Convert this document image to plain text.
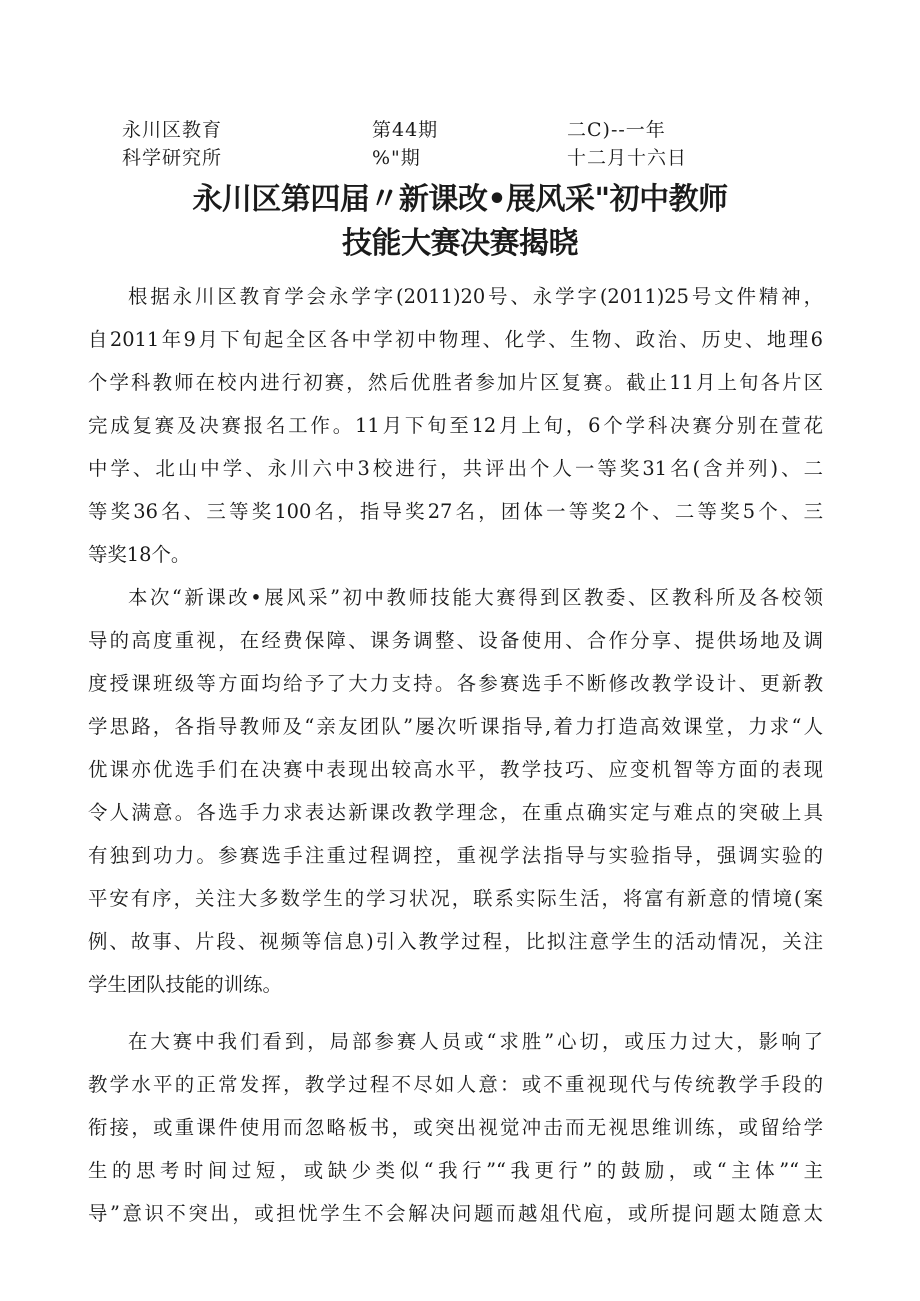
永川区教育
科学研究所
第44期
%"期
二C)--一年
十二月十六日
永川区第四届〃新课改•展风采"初中教师
技能大赛决赛揭晓
根据永川区教育学会永学字(2011)20号、永学字(2011)25号文件精神，
自2011年9月下旬起全区各中学初中物理、化学、生物、政治、历史、地理6
个学科教师在校内进行初赛，然后优胜者参加片区复赛。截止11月上旬各片区
完成复赛及决赛报名工作。11月下旬至12月上旬，6个学科决赛分别在萱花
中学、北山中学、永川六中3校进行，共评出个人一等奖31名(含并列)、二
等奖36名、三等奖100名，指导奖27名，团体一等奖2个、二等奖5个、三
等奖18个。
本次“新课改•展风采”初中教师技能大赛得到区教委、区教科所及各校领
导的高度重视，在经费保障、课务调整、设备使用、合作分享、提供场地及调
度授课班级等方面均给予了大力支持。各参赛选手不断修改教学设计、更新教
学思路，各指导教师及“亲友团队”屡次听课指导,着力打造高效课堂，力求“人
优课亦优选手们在决赛中表现出较高水平，教学技巧、应变机智等方面的表现
令人满意。各选手力求表达新课改教学理念，在重点确实定与难点的突破上具
有独到功力。参赛选手注重过程调控，重视学法指导与实验指导，强调实验的
平安有序，关注大多数学生的学习状况，联系实际生活，将富有新意的情境(案
例、故事、片段、视频等信息)引入教学过程，比拟注意学生的活动情况，关注
学生团队技能的训练。
在大赛中我们看到，局部参赛人员或“求胜”心切，或压力过大，影响了
教学水平的正常发挥，教学过程不尽如人意：或不重视现代与传统教学手段的
衔接，或重课件使用而忽略板书，或突出视觉冲击而无视思维训练，或留给学
生的思考时间过短，或缺少类似“我行”“我更行”的鼓励，或“主体”“主
导”意识不突出，或担忧学生不会解决问题而越俎代庖，或所提问题太随意太
